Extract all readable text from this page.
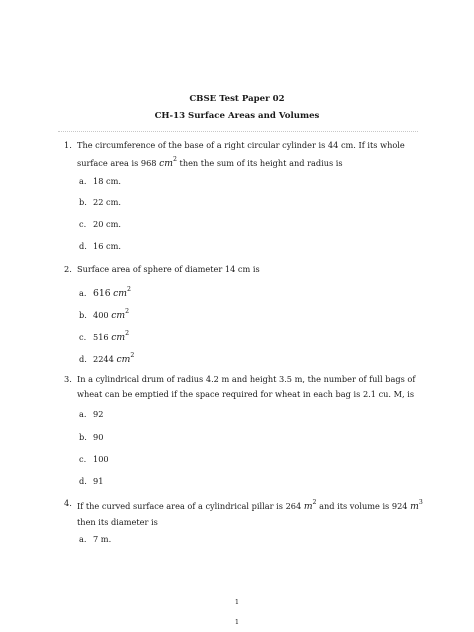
CBSE Test Paper 02
CH-13 Surface Areas and Volumes
1. The circumference of the base of a right circular cylinder is 44 cm. If its whole surface area is 968 $cm^2$ then the sum of its height and radius is
a. 18 cm.
b. 22 cm.
c. 20 cm.
d. 16 cm.
2. Surface area of sphere of diameter 14 cm is
a. 616 $cm^2$
b. 400 $cm^2$
c. 516 $cm^2$
d. 2244 $cm^2$
3. In a cylindrical drum of radius 4.2 m and height 3.5 m, the number of full bags of wheat can be emptied if the space required for wheat in each bag is 2.1 cu. M, is
a. 92
b. 90
c. 100
d. 91
4. If the curved surface area of a cylindrical pillar is 264 $m^2$ and its volume is 924 $m^3$ then its diameter is
a. 7 m.
1
1
